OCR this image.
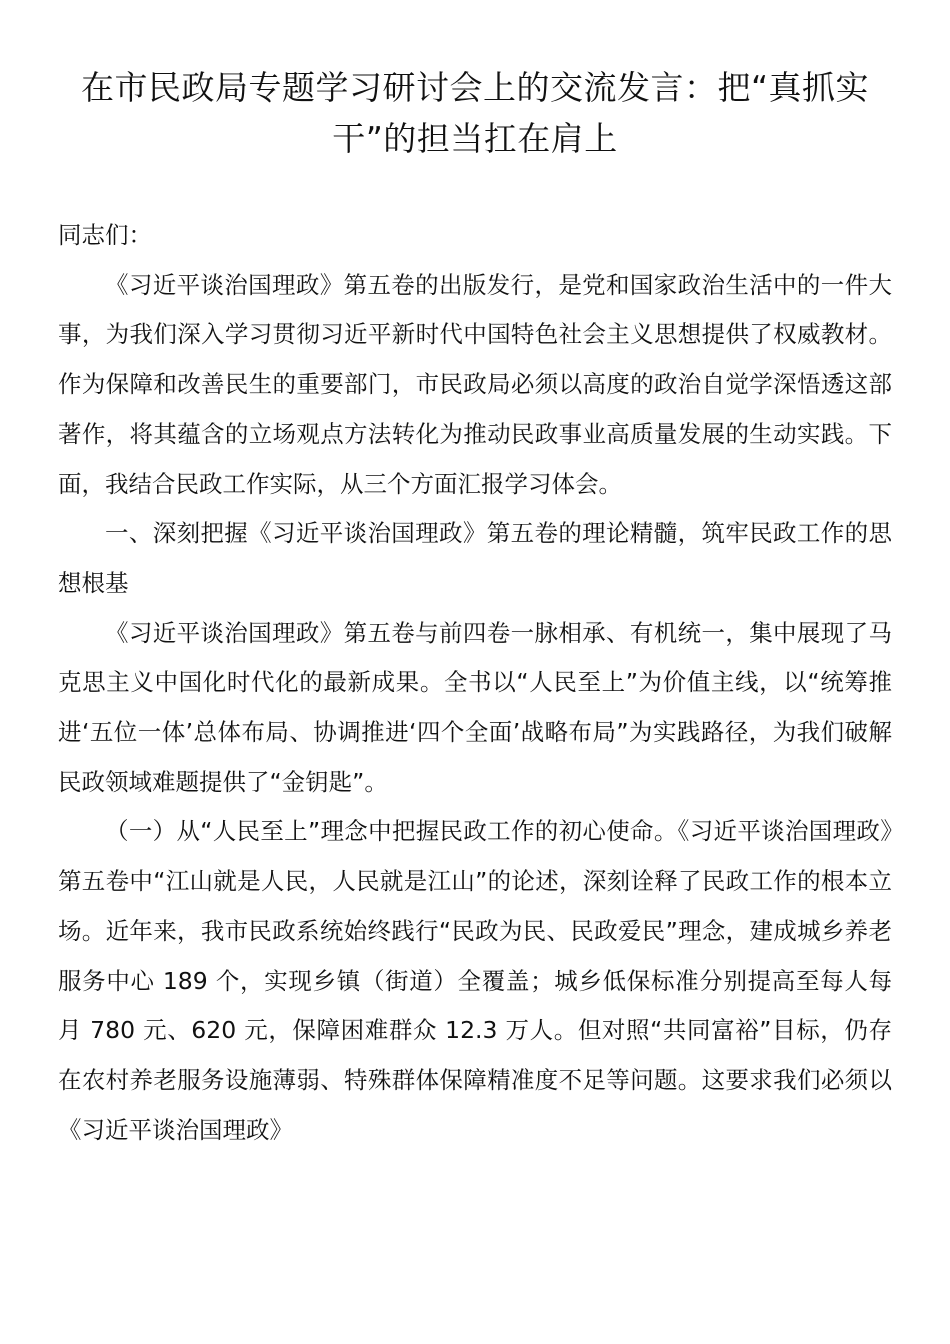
在市民政局专题学习研讨会上的交流发言：把“真抓实干”的担当扛在肩上

同志们：

《习近平谈治国理政》第五卷的出版发行，是党和国家政治生活中的一件大事，为我们深入学习贯彻习近平新时代中国特色社会主义思想提供了权威教材。作为保障和改善民生的重要部门，市民政局必须以高度的政治自觉学深悟透这部著作，将其蕴含的立场观点方法转化为推动民政事业高质量发展的生动实践。下面，我结合民政工作实际，从三个方面汇报学习体会。

一、深刻把握《习近平谈治国理政》第五卷的理论精髓，筑牢民政工作的思想根基

《习近平谈治国理政》第五卷与前四卷一脉相承、有机统一，集中展现了马克思主义中国化时代化的最新成果。全书以“人民至上”为价值主线，以“统筹推进‘五位一体’总体布局、协调推进‘四个全面’战略布局”为实践路径，为我们破解民政领域难题提供了“金钥匙”。

（一）从“人民至上”理念中把握民政工作的初心使命。《习近平谈治国理政》第五卷中“江山就是人民，人民就是江山”的论述，深刻诠释了民政工作的根本立场。近年来，我市民政系统始终践行“民政为民、民政爱民”理念，建成城乡养老服务中心 189 个，实现乡镇（街道）全覆盖；城乡低保标准分别提高至每人每月 780 元、620 元，保障困难群众 12.3 万人。但对照“共同富裕”目标，仍存在农村养老服务设施薄弱、特殊群体保障精准度不足等问题。这要求我们必须以《习近平谈治国理政》
